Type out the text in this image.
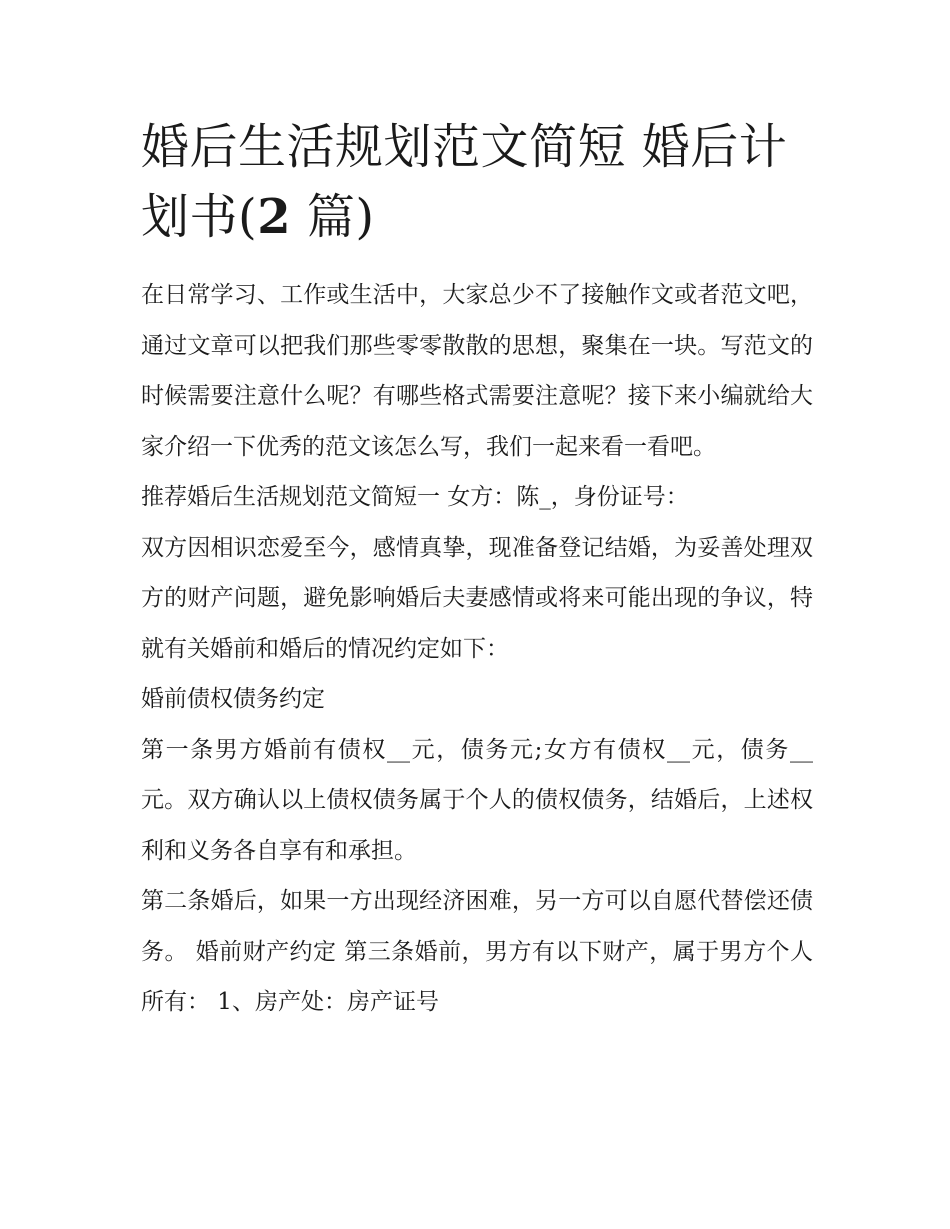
婚后生活规划范文简短 婚后计划书(2 篇)

在日常学习、工作或生活中，大家总少不了接触作文或者范文吧，通过文章可以把我们那些零零散散的思想，聚集在一块。写范文的时候需要注意什么呢？有哪些格式需要注意呢？接下来小编就给大家介绍一下优秀的范文该怎么写，我们一起来看一看吧。

推荐婚后生活规划范文简短一 女方：陈_，身份证号：

双方因相识恋爱至今，感情真挚，现准备登记结婚，为妥善处理双方的财产问题，避免影响婚后夫妻感情或将来可能出现的争议，特就有关婚前和婚后的情况约定如下：

婚前债权债务约定

第一条男方婚前有债权__元，债务元;女方有债权__元，债务__元。双方确认以上债权债务属于个人的债权债务，结婚后，上述权利和义务各自享有和承担。

第二条婚后，如果一方出现经济困难，另一方可以自愿代替偿还债务。 婚前财产约定 第三条婚前，男方有以下财产，属于男方个人所有： 1、房产处：房产证号
